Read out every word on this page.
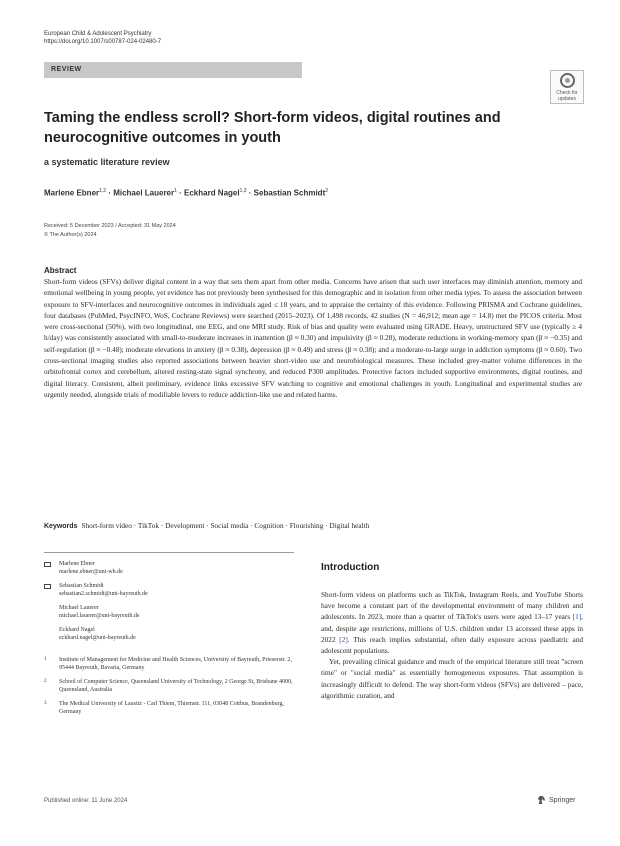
European Child & Adolescent Psychiatry
https://doi.org/10.1007/s00787-024-02480-7
REVIEW
Check for
updates
Taming the endless scroll? Short-form videos, digital routines and neurocognitive outcomes in youth
a systematic literature review
Marlene Ebner$^{1,2}$ · Michael Lauerer$^1$ · Eckhard Nagel$^{1,3}$ · Sebastian Schmidt$^2$
Received: 5 December 2023 / Accepted: 31 May 2024
© The Author(s) 2024
Abstract
Short-form videos (SFVs) deliver digital content in a way that sets them apart from other media. Concerns have arisen that such user interfaces may diminish attention, memory and emotional wellbeing in young people, yet evidence has not previously been synthesised for this demographic and in isolation from other media types. To assess the association between exposure to SFV-interfaces and neurocognitive outcomes in individuals aged ≤ 18 years, and to appraise the certainty of this evidence. Following PRISMA and Cochrane guidelines, four databases (PubMed, PsycINFO, WoS, Cochrane Reviews) were searched (2015–2023). Of 1,498 records, 42 studies (N = 46,912; mean age = 14.8) met the PICOS criteria. Most were cross-sectional (50%), with two longitudinal, one EEG, and one MRI study. Risk of bias and quality were evaluated using GRADE. Heavy, unstructured SFV use (typically ≥ 4 h/day) was consistently associated with small-to-moderate increases in inattention (β ≈ 0.30) and impulsivity (β ≈ 0.28), moderate reductions in working-memory span (β ≈ −0.35) and self-regulation (β ≈ −0.48); moderate elevations in anxiety (β ≈ 0.38), depression (β ≈ 0.49) and stress (β ≈ 0.38); and a moderate-to-large surge in addiction symptoms (β ≈ 0.60). Two cross-sectional imaging studies also reported associations between heavier short-video use and neurobiological measures. These included grey-matter volume differences in the orbitofrontal cortex and cerebellum, altered resting-state signal synchrony, and reduced P300 amplitudes. Protective factors included supportive environments, digital routines, and digital literacy. Consistent, albeit preliminary, evidence links excessive SFV watching to cognitive and emotional challenges in youth. Longitudinal and experimental studies are urgently needed, alongside trials of modifiable levers to reduce addiction-like use and related harms.
Keywords Short-form video · TikTok · Development · Social media · Cognition · Flourishing · Digital health
Marlene Ebner
marlene.ebner@uni-wh.de
Sebastian Schmidt
sebastian2.schmidt@uni-bayreuth.de
Michael Lauerer
michael.lauerer@uni-bayreuth.de
Eckhard Nagel
eckhard.nagel@uni-bayreuth.de
1	Institute of Management for Medicine and Health Sciences, University of Bayreuth, Prieserstr. 2, 95444 Bayreuth, Bavaria, Germany
2	School of Computer Science, Queensland University of Technology, 2 George St, Brisbane 4000, Queensland, Australia
3	The Medical University of Lausitz - Carl Thiem, Thiemstr. 111, 03048 Cottbus, Brandenburg, Germany
Introduction

Short-form videos on platforms such as TikTok, Instagram Reels, and YouTube Shorts have become a constant part of the developmental environment of many children and adolescents. In 2023, more than a quarter of TikTok's users were aged 13–17 years [1], and, despite age restrictions, millions of U.S. children under 13 accessed these apps in 2022 [2]. This reach implies substantial, often daily exposure across paediatric and adolescent populations.

Yet, prevailing clinical guidance and much of the empirical literature still treat "screen time" or "social media" as essentially homogeneous exposures. That assumption is increasingly difficult to defend. The way short-form videos (SFVs) are delivered – pace, algorithmic curation, and

Published online: 11 June 2024	Springer
